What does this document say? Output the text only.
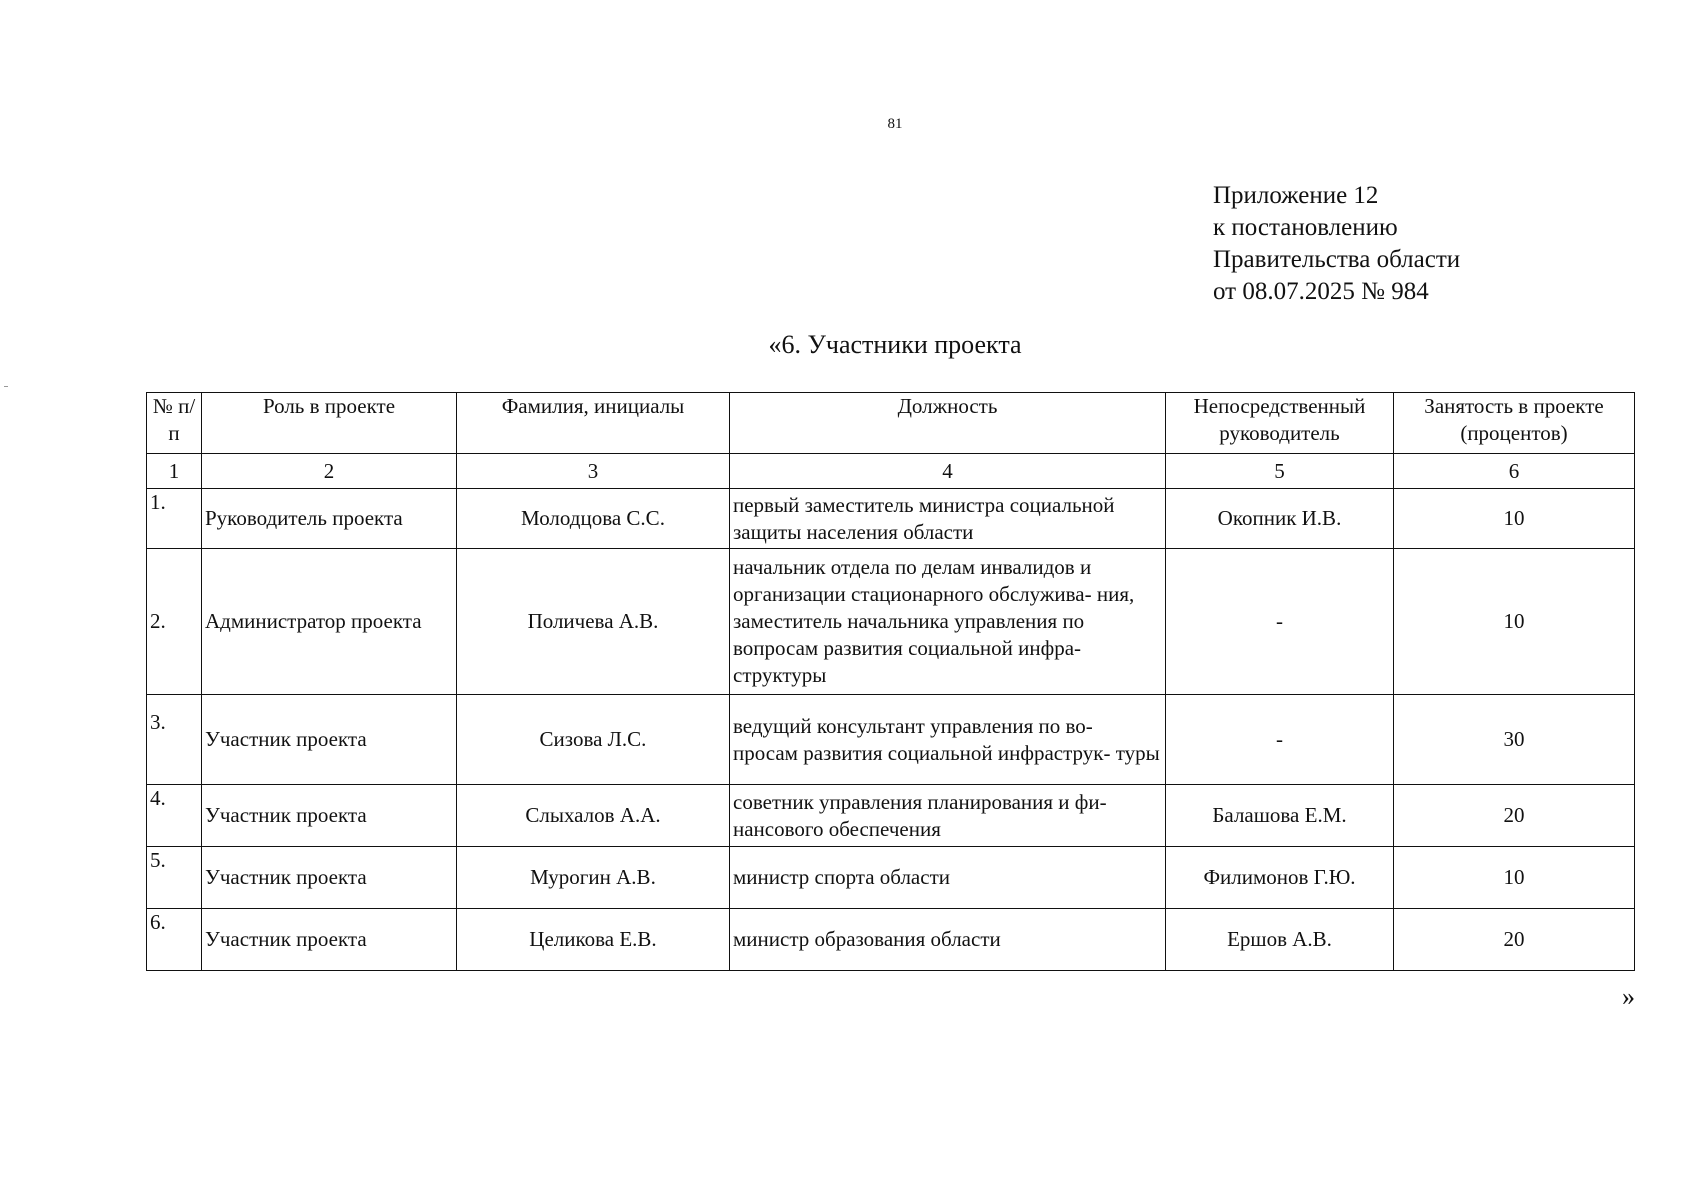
81
Приложение 12
к постановлению
Правительства области
от 08.07.2025 № 984
«6. Участники проекта
№ п/п	Роль в проекте	Фамилия, инициалы	Должность	Непосредственный руководитель	Занятость в проекте (процентов)
1	2	3	4	5	6
1.	Руководитель проекта	Молодцова С.С.	первый заместитель министра социальной защиты населения области	Окопник И.В.	10
2.	Администратор проекта	Поличева А.В.	начальник отдела по делам инвалидов и организации стационарного обслужива- ния, заместитель начальника управления по вопросам развития социальной инфра- структуры	-	10
3.	Участник проекта	Сизова Л.С.	ведущий консультант управления по во- просам развития социальной инфраструк- туры	-	30
4.	Участник проекта	Слыхалов А.А.	советник управления планирования и фи- нансового обеспечения	Балашова Е.М.	20
5.	Участник проекта	Мурогин А.В.	министр спорта области	Филимонов Г.Ю.	10
6.	Участник проекта	Целикова Е.В.	министр образования области	Ершов А.В.	20
»
